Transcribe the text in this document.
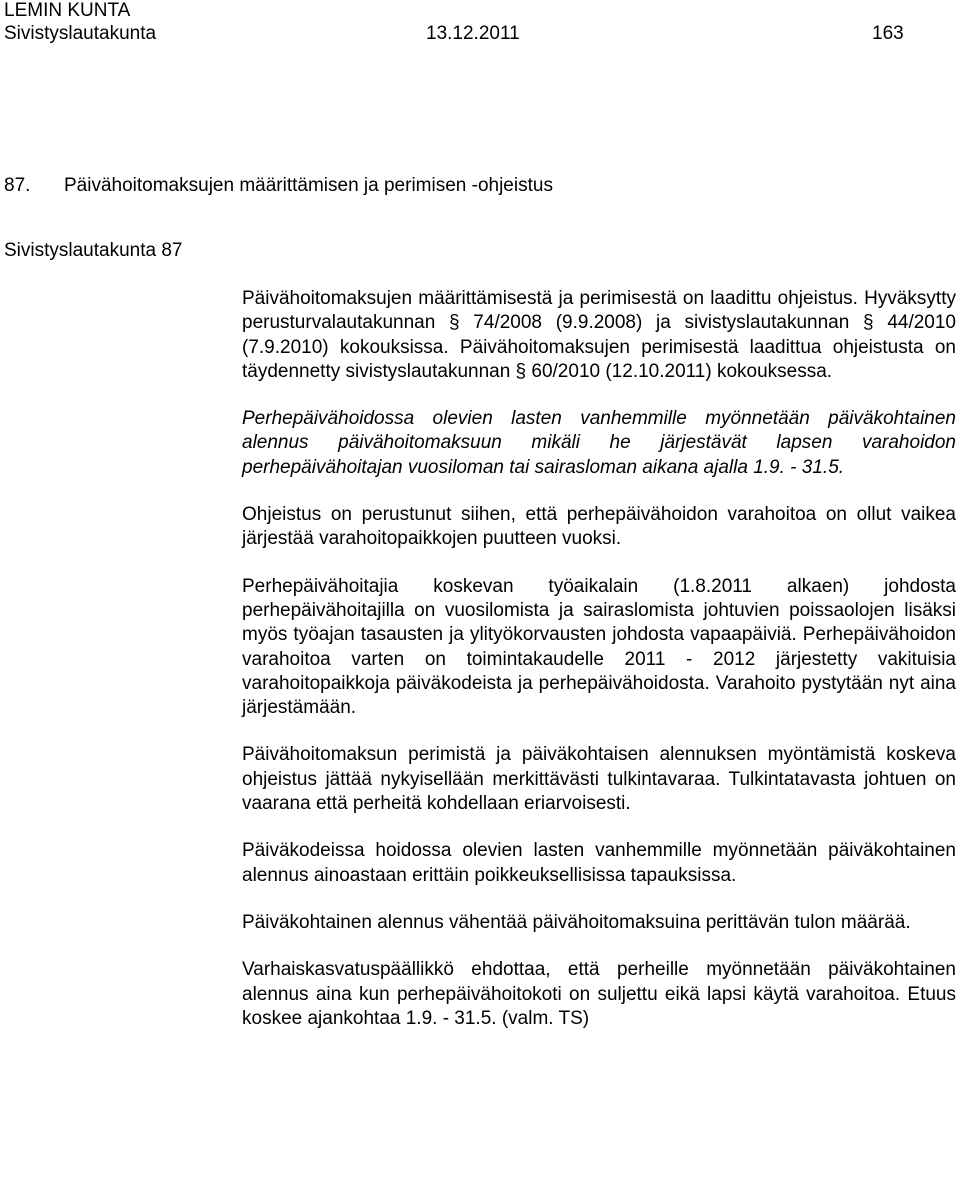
LEMIN KUNTA
Sivistyslautakunta	13.12.2011	163
87. Päivähoitomaksujen määrittämisen ja perimisen -ohjeistus
Sivistyslautakunta 87

Päivähoitomaksujen määrittämisestä ja perimisestä on laadittu ohjeistus. Hyväksytty perusturvalautakunnan § 74/2008 (9.9.2008) ja sivistyslautakunnan § 44/2010 (7.9.2010) kokouksissa. Päivähoitomaksujen perimisestä laadittua ohjeistusta on täydennetty sivistyslautakunnan § 60/2010 (12.10.2011) kokouksessa.

Perhepäivähoidossa olevien lasten vanhemmille myönnetään päiväkohtainen alennus päivähoitomaksuun mikäli he järjestävät lapsen varahoidon perhepäivähoitajan vuosiloman tai sairasloman aikana ajalla 1.9. - 31.5.

Ohjeistus on perustunut siihen, että perhepäivähoidon varahoitoa on ollut vaikea järjestää varahoitopaikkojen puutteen vuoksi.

Perhepäivähoitajia koskevan työaikalain (1.8.2011 alkaen) johdosta perhepäivähoitajilla on vuosilomista ja sairaslomista johtuvien poissaolojen lisäksi myös työajan tasausten ja ylityökorvausten johdosta vapaapäiviä. Perhepäivähoidon varahoitoa varten on toimintakaudelle 2011 - 2012 järjestetty vakituisia varahoitopaikkoja päiväkodeista ja perhepäivähoidosta. Varahoito pystytään nyt aina järjestämään.

Päivähoitomaksun perimistä ja päiväkohtaisen alennuksen myöntämistä koskeva ohjeistus jättää nykyisellään merkittävästi tulkintavaraa. Tulkintatavasta johtuen on vaarana että perheitä kohdellaan eriarvoisesti.

Päiväkodeissa hoidossa olevien lasten vanhemmille myönnetään päiväkohtainen alennus ainoastaan erittäin poikkeuksellisissa tapauksissa.

Päiväkohtainen alennus vähentää päivähoitomaksuina perittävän tulon määrää.

Varhaiskasvatuspäällikkö ehdottaa, että perheille myönnetään päiväkohtainen alennus aina kun perhepäivähoitokoti on suljettu eikä lapsi käytä varahoitoa. Etuus koskee ajankohtaa 1.9. - 31.5. (valm. TS)
